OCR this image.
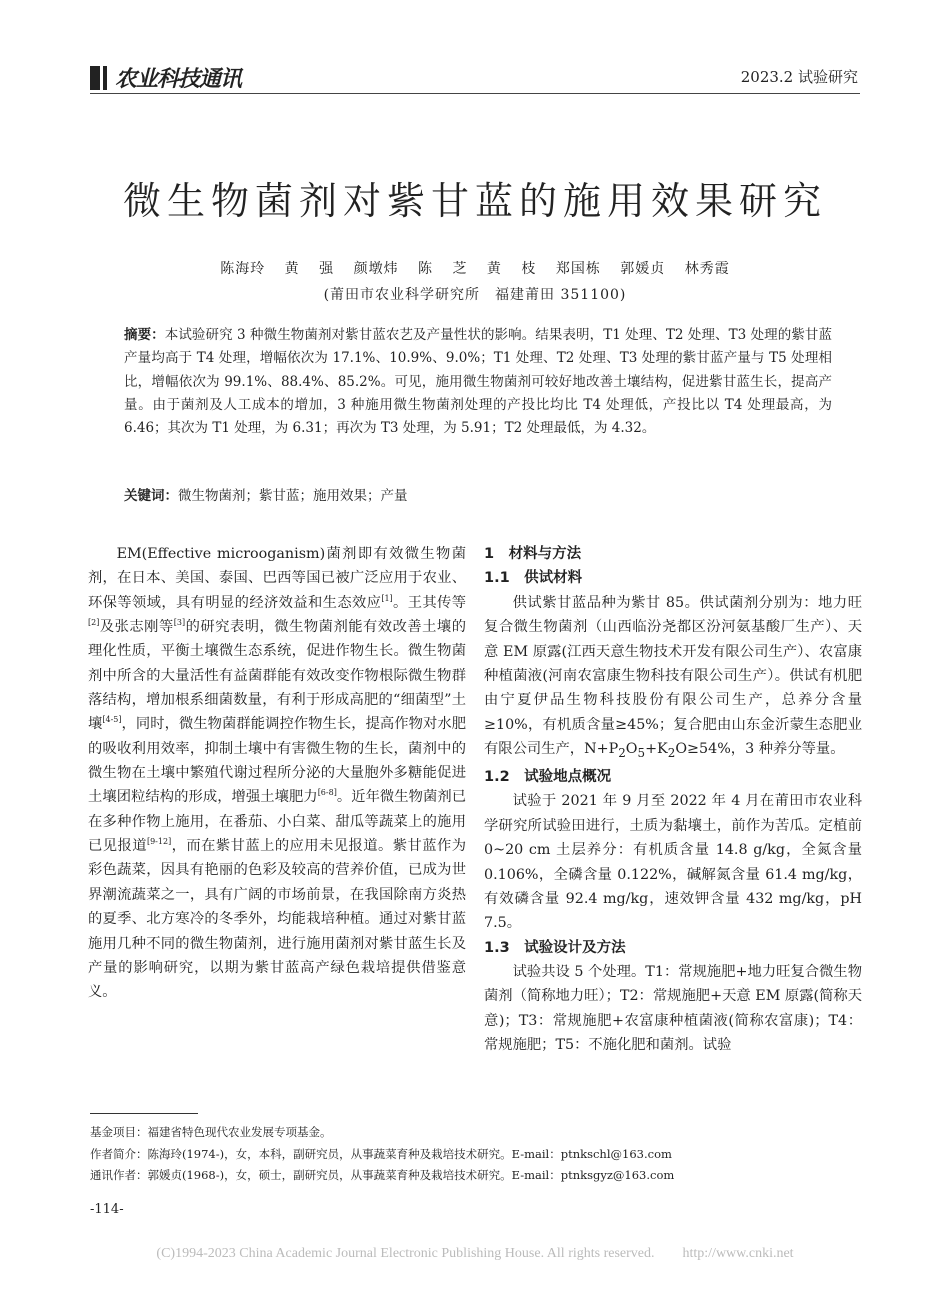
农业科技通讯	2023.2 试验研究
微生物菌剂对紫甘蓝的施用效果研究
陈海玲 黄 强 颜墩炜 陈 芝 黄 枝 郑国栋 郭媛贞 林秀霞
(莆田市农业科学研究所　福建莆田 351100)
摘要：本试验研究 3 种微生物菌剂对紫甘蓝农艺及产量性状的影响。结果表明，T1 处理、T2 处理、T3 处理的紫甘蓝产量均高于 T4 处理，增幅依次为 17.1%、10.9%、9.0%；T1 处理、T2 处理、T3 处理的紫甘蓝产量与 T5 处理相比，增幅依次为 99.1%、88.4%、85.2%。可见，施用微生物菌剂可较好地改善土壤结构，促进紫甘蓝生长，提高产量。由于菌剂及人工成本的增加，3 种施用微生物菌剂处理的产投比均比 T4 处理低，产投比以 T4 处理最高，为 6.46；其次为 T1 处理，为 6.31；再次为 T3 处理，为 5.91；T2 处理最低，为 4.32。
关键词：微生物菌剂；紫甘蓝；施用效果；产量

EM(Effective microoganism)菌剂即有效微生物菌剂，在日本、美国、泰国、巴西等国已被广泛应用于农业、环保等领域，具有明显的经济效益和生态效应[1]。王其传等[2]及张志刚等[3]的研究表明，微生物菌剂能有效改善土壤的理化性质，平衡土壤微生态系统，促进作物生长。微生物菌剂中所含的大量活性有益菌群能有效改变作物根际微生物群落结构，增加根系细菌数量，有利于形成高肥的“细菌型”土壤[4-5]，同时，微生物菌群能调控作物生长，提高作物对水肥的吸收利用效率，抑制土壤中有害微生物的生长，菌剂中的微生物在土壤中繁殖代谢过程所分泌的大量胞外多糖能促进土壤团粒结构的形成，增强土壤肥力[6-8]。近年微生物菌剂已在多种作物上施用，在番茄、小白菜、甜瓜等蔬菜上的施用已见报道[9-12]，而在紫甘蓝上的应用未见报道。紫甘蓝作为彩色蔬菜，因具有艳丽的色彩及较高的营养价值，已成为世界潮流蔬菜之一，具有广阔的市场前景，在我国除南方炎热的夏季、北方寒冷的冬季外，均能栽培种植。通过对紫甘蓝施用几种不同的微生物菌剂，进行施用菌剂对紫甘蓝生长及产量的影响研究，以期为紫甘蓝高产绿色栽培提供借鉴意义。

1　材料与方法
1.1　供试材料

供试紫甘蓝品种为紫甘 85。供试菌剂分别为：地力旺复合微生物菌剂（山西临汾尧都区汾河氨基酸厂生产）、天意 EM 原露(江西天意生物技术开发有限公司生产）、农富康种植菌液(河南农富康生物科技有限公司生产）。供试有机肥由宁夏伊品生物科技股份有限公司生产，总养分含量≥10%，有机质含量≥45%；复合肥由山东金沂蒙生态肥业有限公司生产，$N+P_2O_5+K_2O\ge 54\%$，3 种养分等量。

1.2　试验地点概况

试验于 2021 年 9 月至 2022 年 4 月在莆田市农业科学研究所试验田进行，土质为黏壤土，前作为苦瓜。定植前 0~20 cm 土层养分：有机质含量 14.8 g/kg，全氮含量 0.106%，全磷含量 0.122%，碱解氮含量 61.4 mg/kg，有效磷含量 92.4 mg/kg，速效钾含量 432 mg/kg，pH 7.5。

1.3　试验设计及方法

试验共设 5 个处理。T1：常规施肥+地力旺复合微生物菌剂（简称地力旺）；T2：常规施肥+天意 EM 原露(简称天意)；T3：常规施肥+农富康种植菌液(简称农富康)；T4：常规施肥；T5：不施化肥和菌剂。试验

基金项目：福建省特色现代农业发展专项基金。
作者简介：陈海玲(1974-)，女，本科，副研究员，从事蔬菜育种及栽培技术研究。E-mail：ptnkschl@163.com
通讯作者：郭媛贞(1968-)，女，硕士，副研究员，从事蔬菜育种及栽培技术研究。E-mail：ptnksgyz@163.com
-114-
(C)1994-2023 China Academic Journal Electronic Publishing House. All rights reserved.　　http://www.cnki.net
